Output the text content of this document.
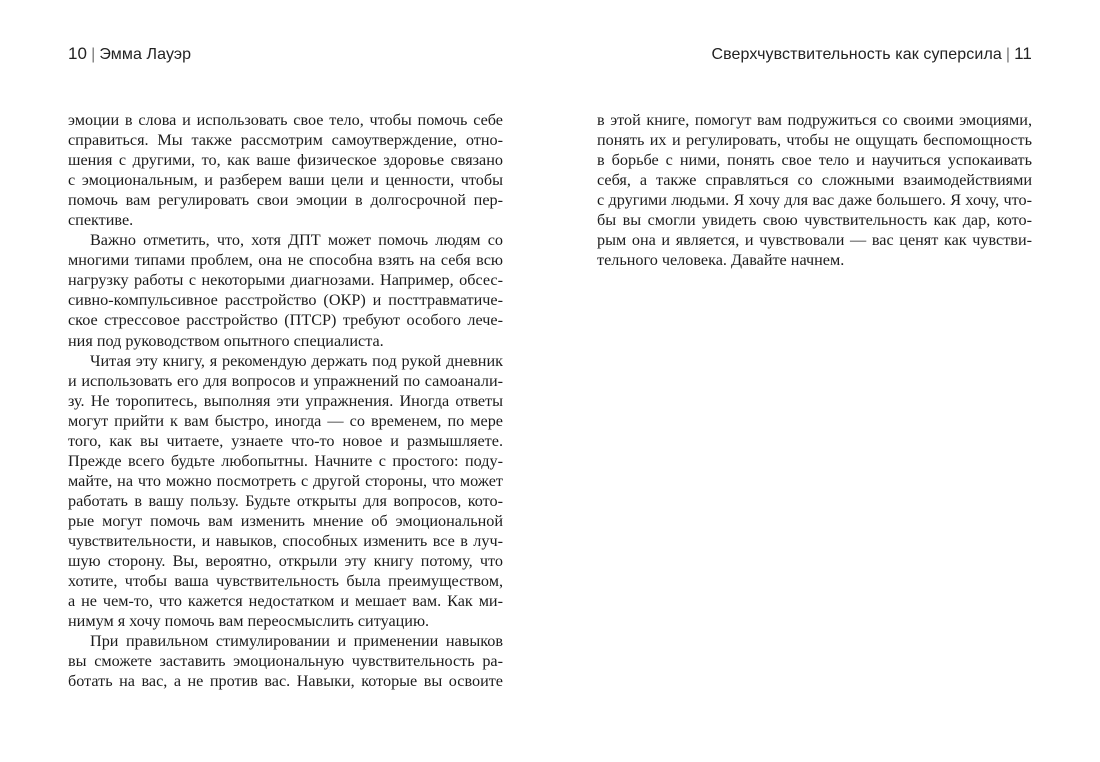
10 | Эмма Лауэр
эмоции в слова и использовать свое тело, чтобы помочь себе
справиться. Мы также рассмотрим самоутверждение, отно-
шения с другими, то, как ваше физическое здоровье связано
с эмоциональным, и разберем ваши цели и ценности, чтобы
помочь вам регулировать свои эмоции в долгосрочной пер-
спективе.
Важно отметить, что, хотя ДПТ может помочь людям со
многими типами проблем, она не способна взять на себя всю
нагрузку работы с некоторыми диагнозами. Например, обсес-
сивно-компульсивное расстройство (ОКР) и посттравматиче-
ское стрессовое расстройство (ПТСР) требуют особого лече-
ния под руководством опытного специалиста.
Читая эту книгу, я рекомендую держать под рукой дневник
и использовать его для вопросов и упражнений по самоанали-
зу. Не торопитесь, выполняя эти упражнения. Иногда ответы
могут прийти к вам быстро, иногда — со временем, по мере
того, как вы читаете, узнаете что-то новое и размышляете.
Прежде всего будьте любопытны. Начните с простого: поду-
майте, на что можно посмотреть с другой стороны, что может
работать в вашу пользу. Будьте открыты для вопросов, кото-
рые могут помочь вам изменить мнение об эмоциональной
чувствительности, и навыков, способных изменить все в луч-
шую сторону. Вы, вероятно, открыли эту книгу потому, что
хотите, чтобы ваша чувствительность была преимуществом,
а не чем-то, что кажется недостатком и мешает вам. Как ми-
нимум я хочу помочь вам переосмыслить ситуацию.
При правильном стимулировании и применении навыков
вы сможете заставить эмоциональную чувствительность ра-
ботать на вас, а не против вас. Навыки, которые вы освоите
Сверхчувствительность как суперсила | 11
в этой книге, помогут вам подружиться со своими эмоциями,
понять их и регулировать, чтобы не ощущать беспомощность
в борьбе с ними, понять свое тело и научиться успокаивать
себя, а также справляться со сложными взаимодействиями
с другими людьми. Я хочу для вас даже большего. Я хочу, что-
бы вы смогли увидеть свою чувствительность как дар, кото-
рым она и является, и чувствовали — вас ценят как чувстви-
тельного человека. Давайте начнем.
